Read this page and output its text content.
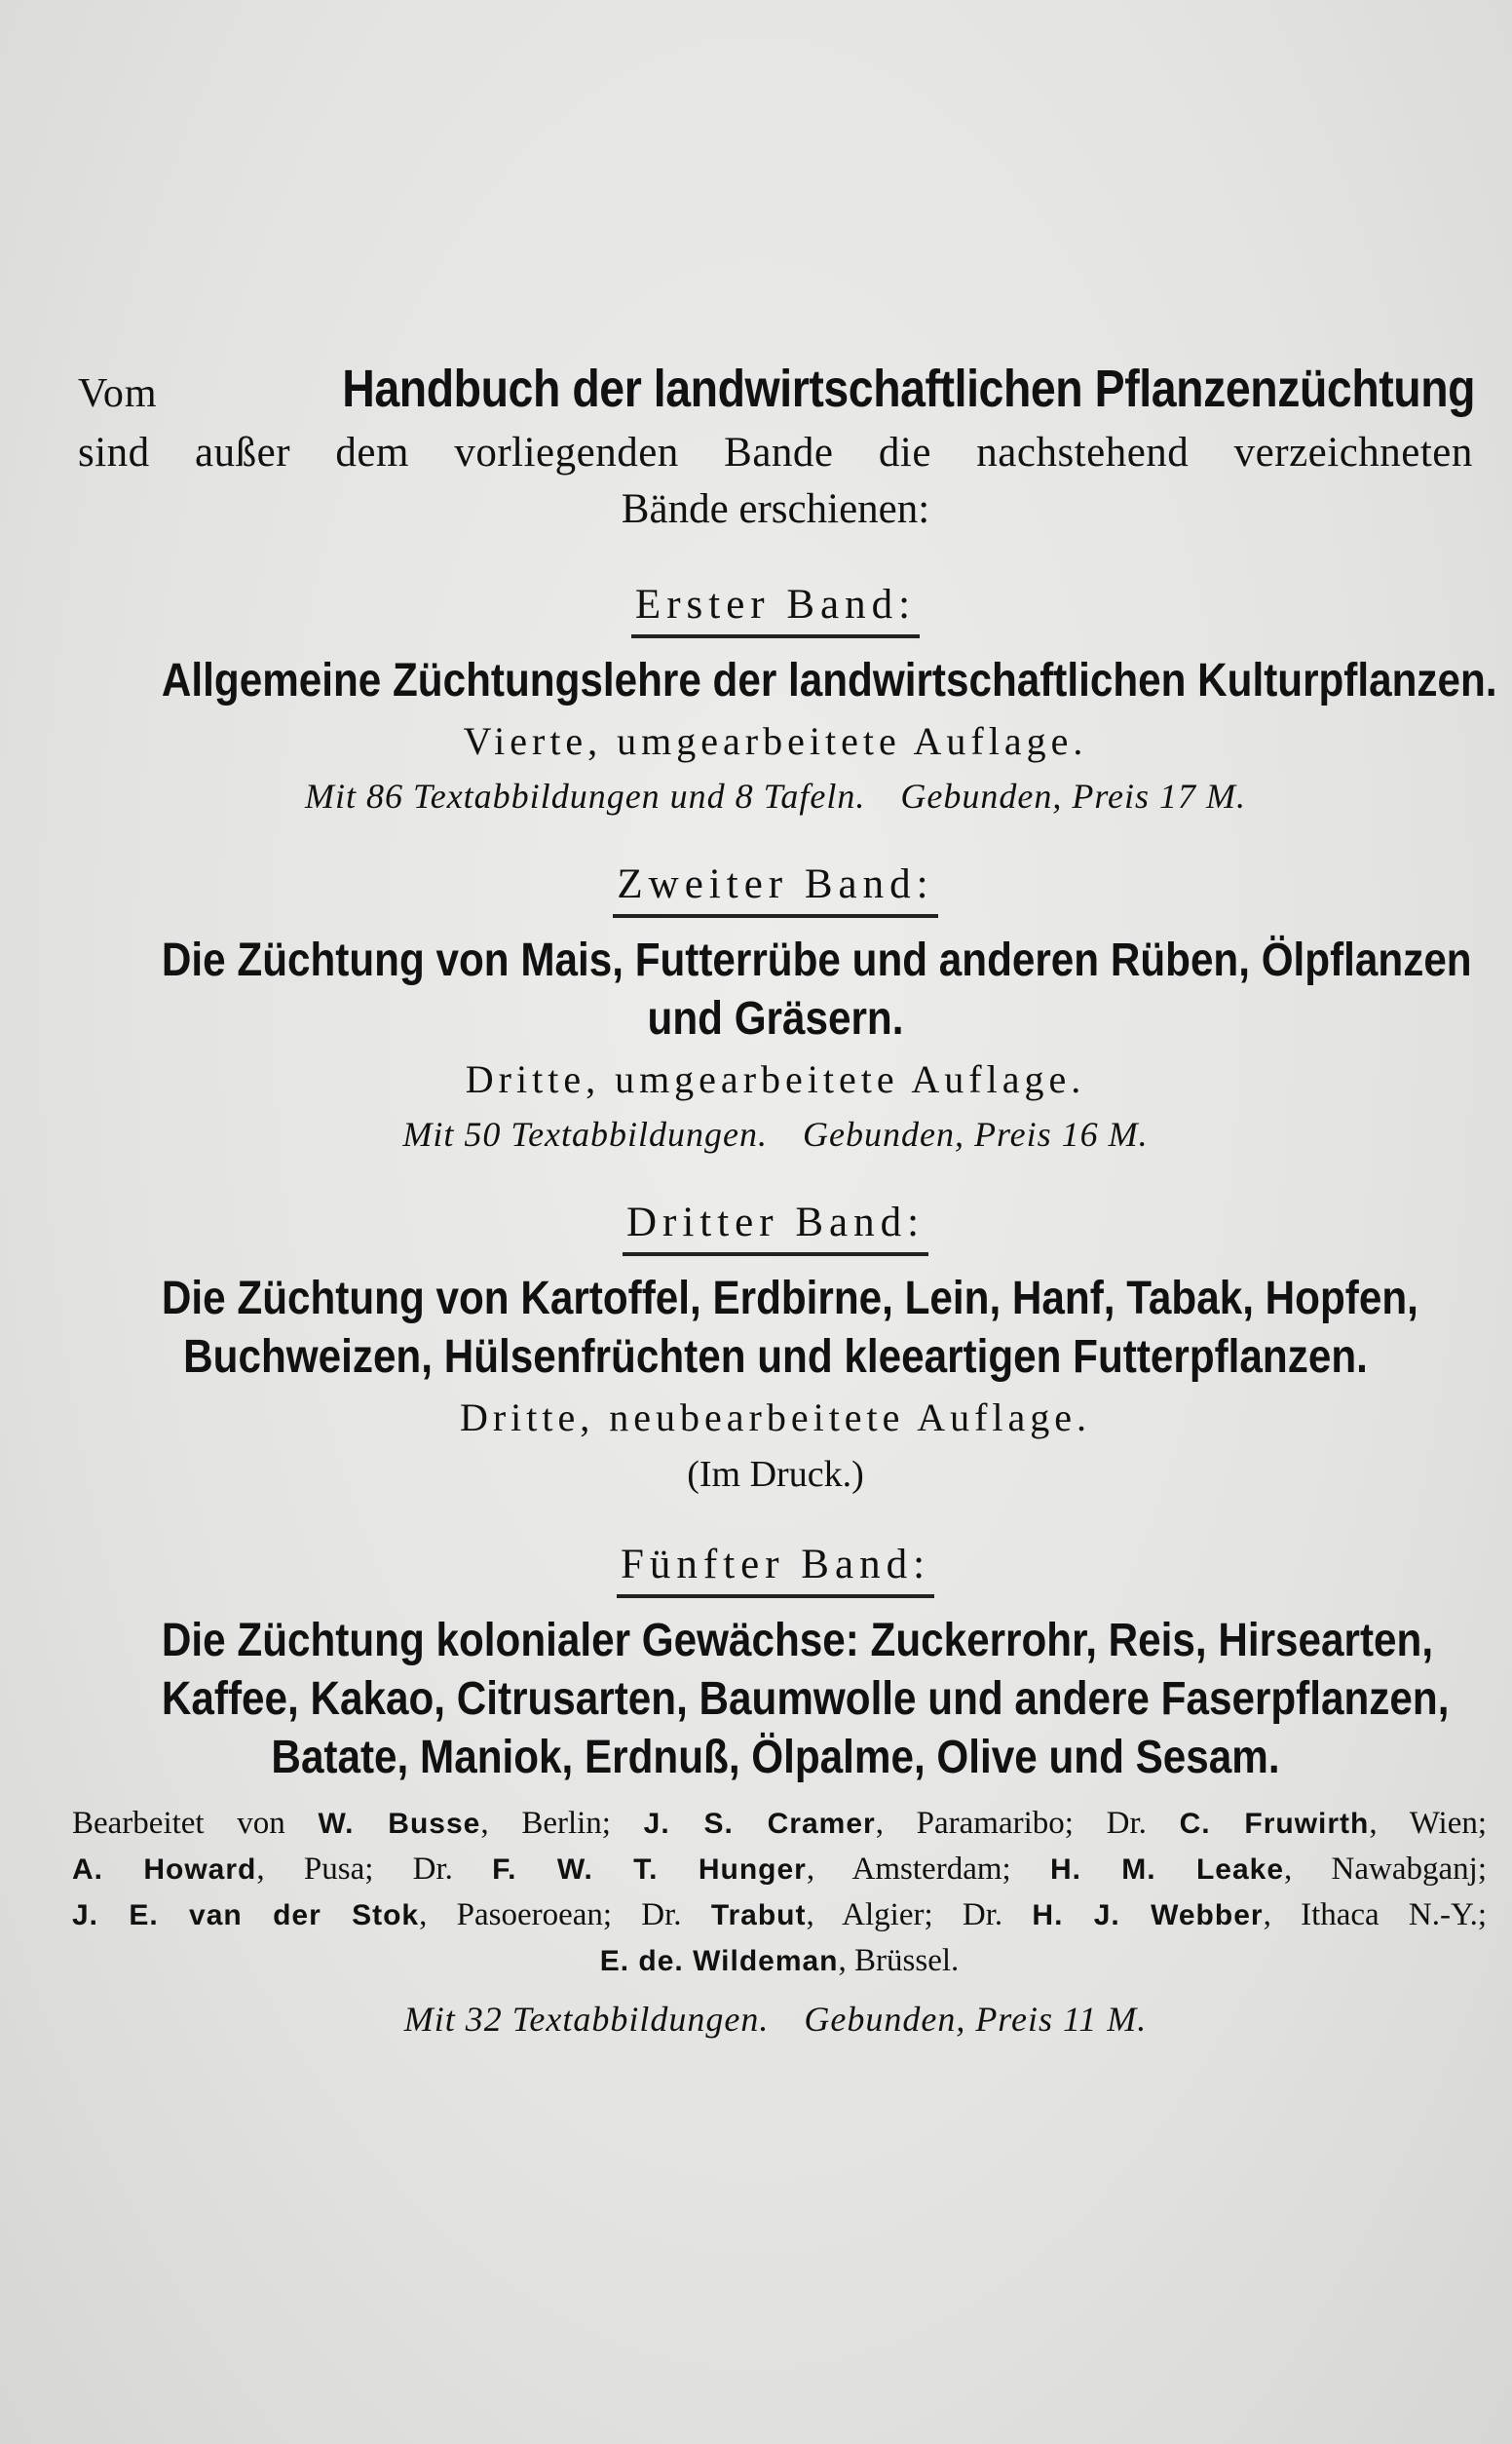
Vom	Handbuch der landwirtschaftlichen Pflanzenzüchtung
sind außer dem vorliegenden Bande die nachstehend verzeichneten
Bände erschienen:
Erster Band:
Allgemeine Züchtungslehre der landwirtschaftlichen Kulturpflanzen.
Vierte, umgearbeitete Auflage.
Mit 86 Textabbildungen und 8 Tafeln. Gebunden, Preis 17 M.
Zweiter Band:
Die Züchtung von Mais, Futterrübe und anderen Rüben, Ölpflanzen
und Gräsern.
Dritte, umgearbeitete Auflage.
Mit 50 Textabbildungen. Gebunden, Preis 16 M.
Dritter Band:
Die Züchtung von Kartoffel, Erdbirne, Lein, Hanf, Tabak, Hopfen,
Buchweizen, Hülsenfrüchten und kleeartigen Futterpflanzen.
Dritte, neubearbeitete Auflage.
(Im Druck.)
Fünfter Band:
Die Züchtung kolonialer Gewächse: Zuckerrohr, Reis, Hirsearten,
Kaffee, Kakao, Citrusarten, Baumwolle und andere Faserpflanzen,
Batate, Maniok, Erdnuß, Ölpalme, Olive und Sesam.
Bearbeitet von W. Busse, Berlin; J. S. Cramer, Paramaribo; Dr. C. Fruwirth, Wien;
A. Howard, Pusa; Dr. F. W. T. Hunger, Amsterdam; H. M. Leake, Nawabganj;
J. E. van der Stok, Pasoeroean; Dr. Trabut, Algier; Dr. H. J. Webber, Ithaca N.-Y.;
E. de. Wildeman, Brüssel.
Mit 32 Textabbildungen. Gebunden, Preis 11 M.
